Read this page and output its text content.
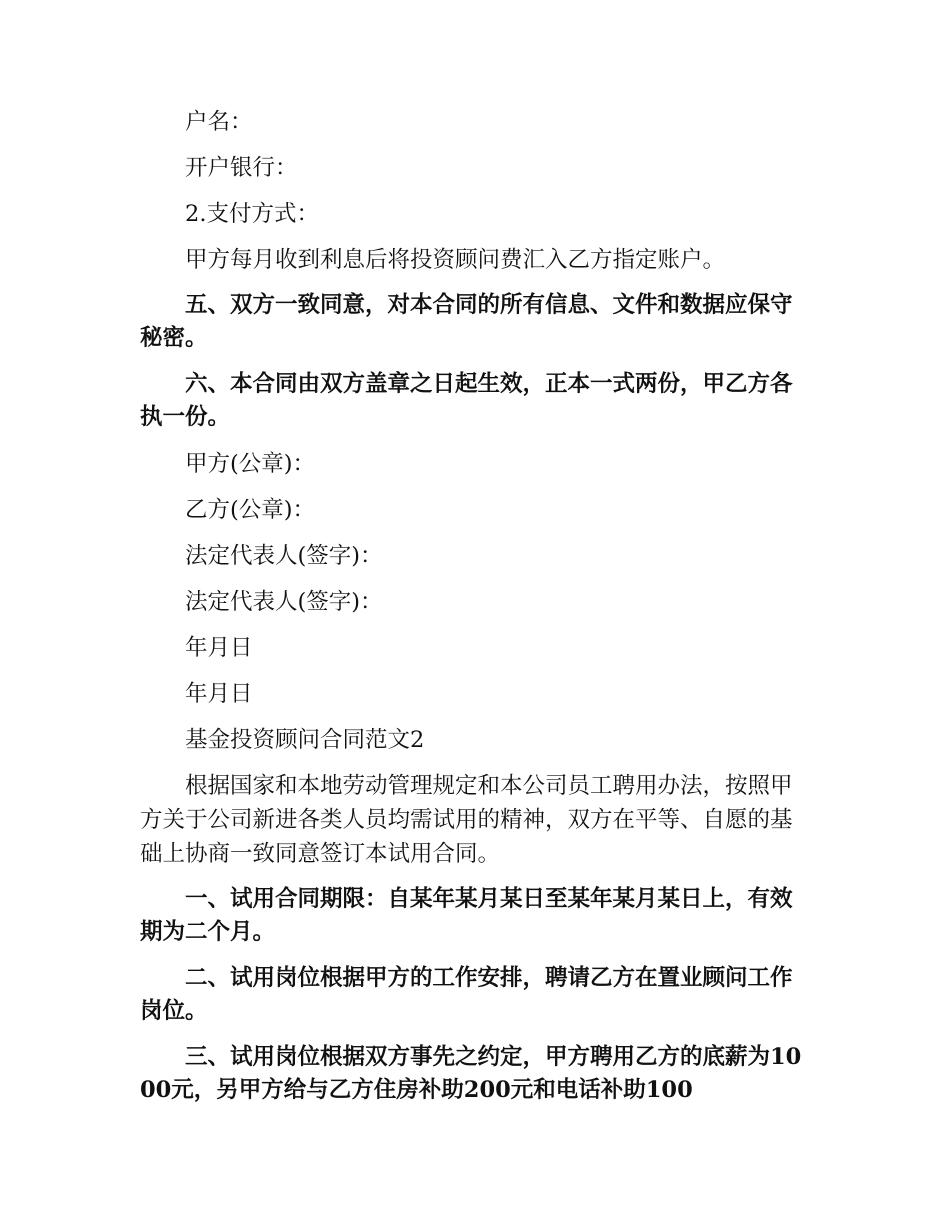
户名：

开户银行：

2.支付方式：

甲方每月收到利息后将投资顾问费汇入乙方指定账户。

五、双方一致同意，对本合同的所有信息、文件和数据应保守秘密。

六、本合同由双方盖章之日起生效，正本一式两份，甲乙方各执一份。

甲方(公章)：

乙方(公章)：

法定代表人(签字)：

法定代表人(签字)：

年月日

年月日

基金投资顾问合同范文2

根据国家和本地劳动管理规定和本公司员工聘用办法，按照甲方关于公司新进各类人员均需试用的精神，双方在平等、自愿的基础上协商一致同意签订本试用合同。

一、试用合同期限：自某年某月某日至某年某月某日上，有效期为二个月。

二、试用岗位根据甲方的工作安排，聘请乙方在置业顾问工作岗位。

三、试用岗位根据双方事先之约定，甲方聘用乙方的底薪为1000元，另甲方给与乙方住房补助200元和电话补助100
